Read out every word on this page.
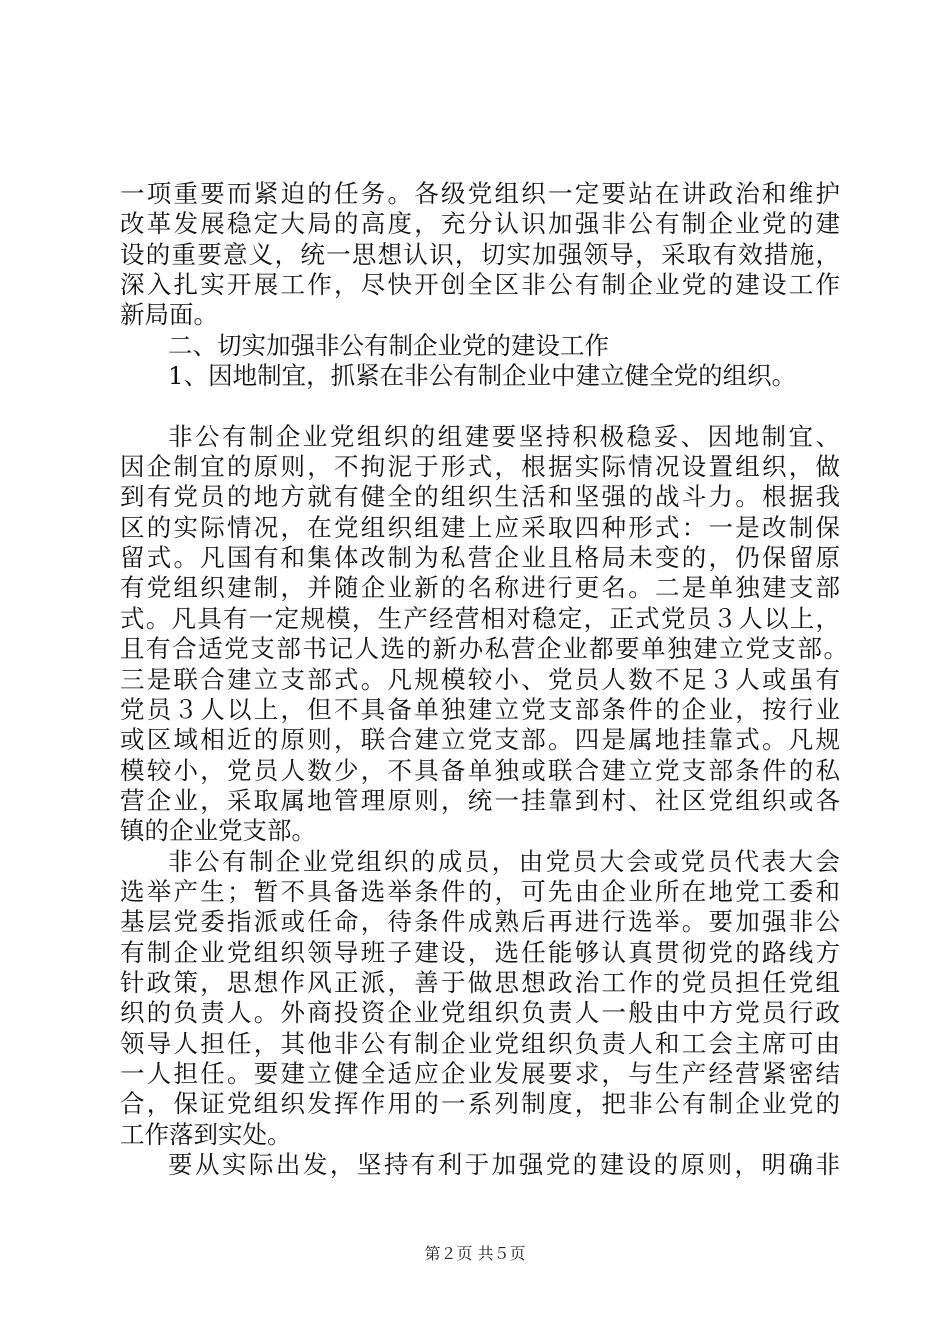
一项重要而紧迫的任务。各级党组织一定要站在讲政治和维护
改革发展稳定大局的高度，充分认识加强非公有制企业党的建
设的重要意义，统一思想认识，切实加强领导，采取有效措施，
深入扎实开展工作，尽快开创全区非公有制企业党的建设工作
新局面。
二、切实加强非公有制企业党的建设工作
1、因地制宜，抓紧在非公有制企业中建立健全党的组织。
非公有制企业党组织的组建要坚持积极稳妥、因地制宜、
因企制宜的原则，不拘泥于形式，根据实际情况设置组织，做
到有党员的地方就有健全的组织生活和坚强的战斗力。根据我
区的实际情况，在党组织组建上应采取四种形式：一是改制保
留式。凡国有和集体改制为私营企业且格局未变的，仍保留原
有党组织建制，并随企业新的名称进行更名。二是单独建支部
式。凡具有一定规模，生产经营相对稳定，正式党员３人以上，
且有合适党支部书记人选的新办私营企业都要单独建立党支部。
三是联合建立支部式。凡规模较小、党员人数不足３人或虽有
党员３人以上，但不具备单独建立党支部条件的企业，按行业
或区域相近的原则，联合建立党支部。四是属地挂靠式。凡规
模较小，党员人数少，不具备单独或联合建立党支部条件的私
营企业，采取属地管理原则，统一挂靠到村、社区党组织或各
镇的企业党支部。
非公有制企业党组织的成员，由党员大会或党员代表大会
选举产生；暂不具备选举条件的，可先由企业所在地党工委和
基层党委指派或任命，待条件成熟后再进行选举。要加强非公
有制企业党组织领导班子建设，选任能够认真贯彻党的路线方
针政策，思想作风正派，善于做思想政治工作的党员担任党组
织的负责人。外商投资企业党组织负责人一般由中方党员行政
领导人担任，其他非公有制企业党组织负责人和工会主席可由
一人担任。要建立健全适应企业发展要求，与生产经营紧密结
合，保证党组织发挥作用的一系列制度，把非公有制企业党的
工作落到实处。
要从实际出发，坚持有利于加强党的建设的原则，明确非
第２页 共５页
